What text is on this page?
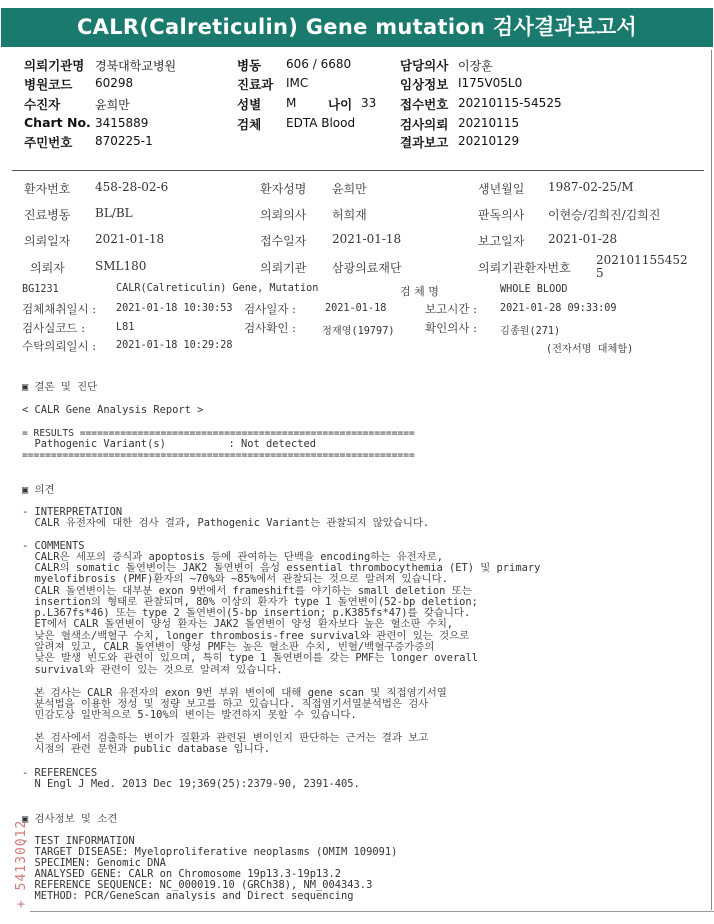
CALR(Calreticulin) Gene mutation 검사결과보고서
의뢰기관명 경북대학교병원
병원코드 60298
수진자	윤희만
Chart No. 3415889
주민번호 870225-1
병동 606 / 6680
진료과 IMC
성별 M	나이 33
검체 EDTA Blood
담당의사 이장훈
임상정보 I175V05L0
접수번호 20210115-54525
검사의뢰 20210115
결과보고 20210129
환자번호 458-28-02-6	환자성명 윤희만	생년월일 1987-02-25/M
진료병동 BL/BL	의뢰의사 허희재	판독의사 이현승/김희진/김희진
의뢰일자 2021-01-18	접수일자 2021-01-18	보고일자 2021-01-28
의뢰자	SML180	의뢰기관 삼광의료재단	의뢰기관환자번호
202101155452
5
BG1231	CALR(Calreticulin) Gene, Mutation	검 체 명	WHOLE BLOOD
검체채취일시 : 2021-01-18 10:30:53 검사일자 :	2021-01-18	보고시간 : 2021-01-28 09:33:09
검사실코드 :	L81	검사확인 :	정재영(19797)	확인의사 : 김종원(271)
수탁의뢰일시 : 2021-01-18 10:29:28	(전자서명 대체함)
▣ 결론 및 진단
< CALR Gene Analysis Report >
= RESULTS ==========================================================
Pathogenic Variant(s)          : Not detected
====================================================================
▣ 의견
- INTERPRETATION
CALR 유전자에 대한 검사 결과, Pathogenic Variant는 관찰되지 않았습니다.
- COMMENTS
CALR은 세포의 증식과 apoptosis 등에 관여하는 단백을 encoding하는 유전자로,
CALR의 somatic 돌연변이는 JAK2 돌연변이 음성 essential thrombocythemia (ET) 및 primary
myelofibrosis (PMF)환자의 ~70%와 ~85%에서 관찰되는 것으로 알려져 있습니다.
CALR 돌연변이는 대부분 exon 9번에서 frameshift를 야기하는 small deletion 또는
insertion의 형태로 관찰되며, 80% 이상의 환자가 type 1 돌연변이(52-bp deletion;
p.L367fs*46) 또는 type 2 돌연변이(5-bp insertion; p.K385fs*47)를 갖습니다.
ET에서 CALR 돌연변이 양성 환자는 JAK2 돌연변이 양성 환자보다 높은 혈소판 수치,
낮은 혈색소/백혈구 수치, longer thrombosis-free survival와 관련이 있는 것으로
알려져 있고, CALR 돌연변이 양성 PMF는 높은 혈소판 수치, 빈혈/백혈구증가증의
낮은 발생 빈도와 관련이 있으며, 특히 type 1 돌연변이를 갖는 PMF는 longer overall
survival와 관련이 있는 것으로 알려져 있습니다.
본 검사는 CALR 유전자의 exon 9번 부위 변이에 대해 gene scan 및 직접염기서열
분석법을 이용한 정성 및 정량 보고를 하고 있습니다. 직접염기서열분석법은 검사
민감도상 일반적으로 5-10%의 변이는 발견하지 못할 수 있습니다.
본 검사에서 검출하는 변이가 질환과 관련된 변이인지 판단하는 근거는 결과 보고
시점의 관련 문헌과 public database 입니다.
- REFERENCES
N Engl J Med. 2013 Dec 19;369(25):2379-90, 2391-405.
▣ 검사정보 및 소견
- TEST INFORMATION
TARGET DISEASE: Myeloproliferative neoplasms (OMIM 109091)
SPECIMEN: Genomic DNA
ANALYSED GENE: CALR on Chromosome 19p13.3-19p13.2
REFERENCE SEQUENCE: NC_000019.10 (GRCh38), NM_004343.3
METHOD: PCR/GeneScan analysis and Direct sequencing
+ 54130012
